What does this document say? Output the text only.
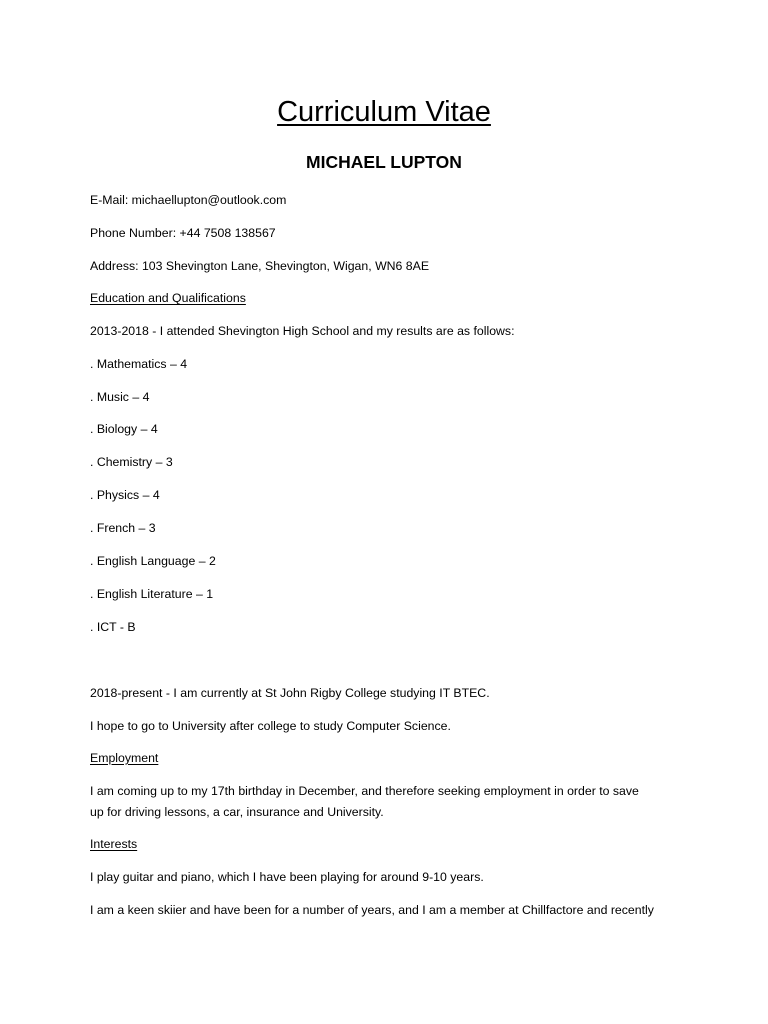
Curriculum Vitae
MICHAEL LUPTON
E-Mail: michaellupton@outlook.com
Phone Number: +44 7508 138567
Address: 103 Shevington Lane, Shevington, Wigan, WN6 8AE
Education and Qualifications
2013-2018 - I attended Shevington High School and my results are as follows:
. Mathematics – 4
. Music – 4
. Biology – 4
. Chemistry – 3
. Physics – 4
. French – 3
. English Language – 2
. English Literature – 1
. ICT - B
2018-present - I am currently at St John Rigby College studying IT BTEC.
I hope to go to University after college to study Computer Science.
Employment
I am coming up to my 17th birthday in December, and therefore seeking employment in order to save
up for driving lessons, a car, insurance and University.
Interests
I play guitar and piano, which I have been playing for around 9-10 years.
I am a keen skiier and have been for a number of years, and I am a member at Chillfactore and recently
